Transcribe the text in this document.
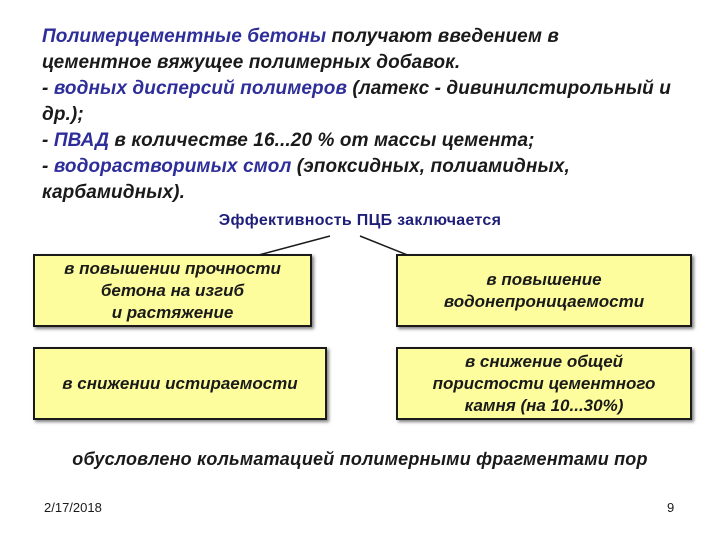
Полимерцементные бетоны получают введением в

цементное вяжущее полимерных добавок.

- водных дисперсий полимеров (латекс - дивинилстирольный и др.);

- ПВАД в количестве 16...20 % от массы цемента;

- водорастворимых смол (эпоксидных, полиамидных, карбамидных).

Эффективность ПЦБ заключается
в повышении прочности
бетона на изгиб
и растяжение
в повышение
водонепроницаемости
в снижении истираемости
в снижение общей
пористости цементного
камня (на 10...30%)
обусловлено кольматацией полимерными фрагментами пор
2/17/2018	9
